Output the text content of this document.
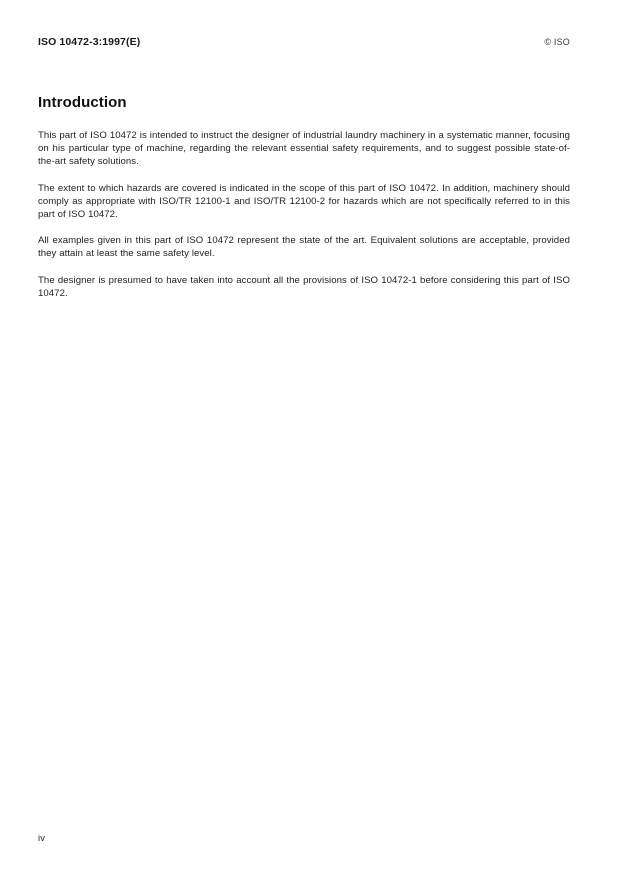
ISO 10472-3:1997(E)	© ISO
Introduction

This part of ISO 10472 is intended to instruct the designer of industrial laundry machinery in a systematic manner, focusing on his particular type of machine, regarding the relevant essential safety requirements, and to suggest possible state-of-the-art safety solutions.

The extent to which hazards are covered is indicated in the scope of this part of ISO 10472. In addition, machinery should comply as appropriate with ISO/TR 12100-1 and ISO/TR 12100-2 for hazards which are not specifically referred to in this part of ISO 10472.

All examples given in this part of ISO 10472 represent the state of the art. Equivalent solutions are acceptable, provided they attain at least the same safety level.

The designer is presumed to have taken into account all the provisions of ISO 10472-1 before considering this part of ISO 10472.

iv
